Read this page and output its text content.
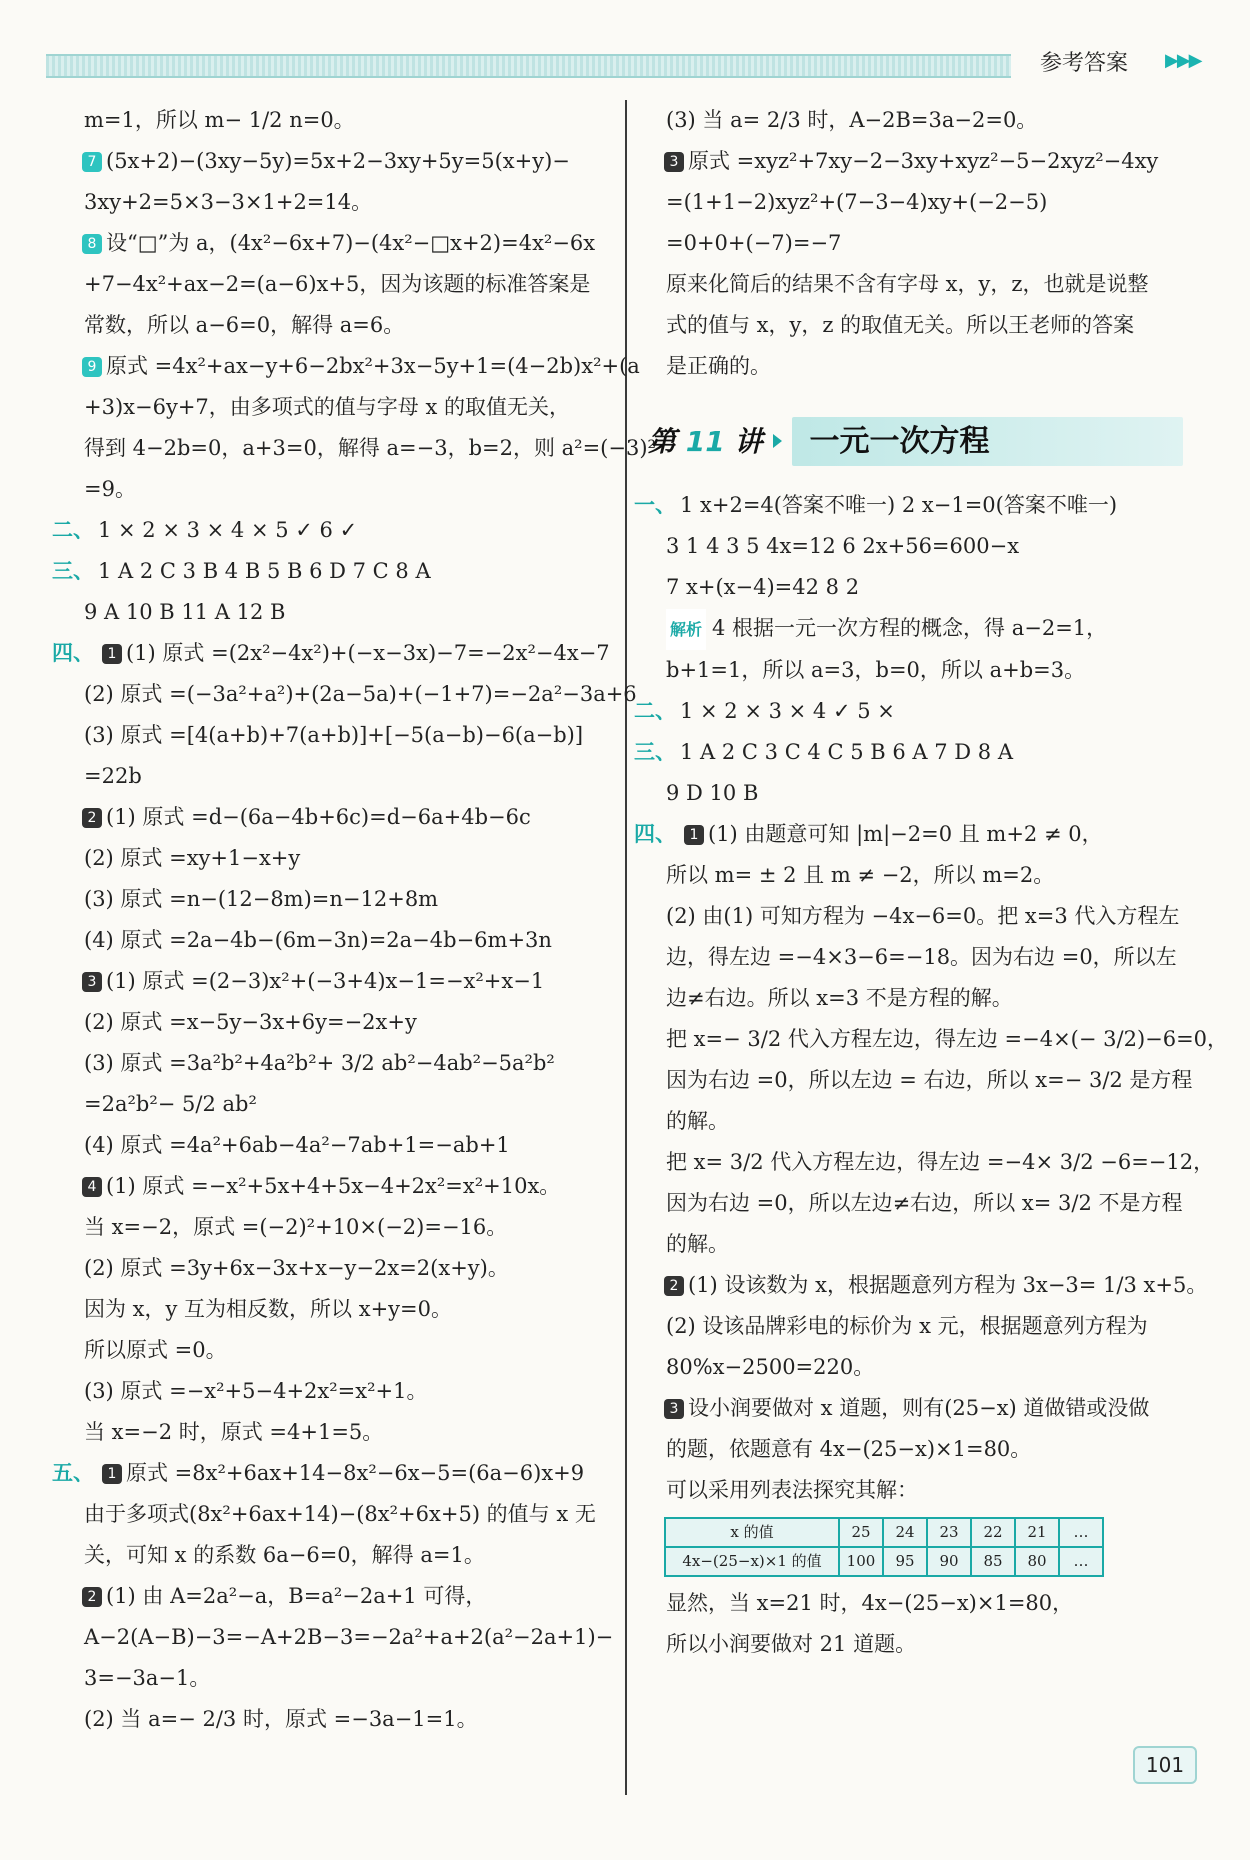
参考答案 ▶▶▶
m=1，所以 m− 1/2 n=0。
7 (5x+2)−(3xy−5y)=5x+2−3xy+5y=5(x+y)−
3xy+2=5×3−3×1+2=14。
8 设“□”为 a，(4x²−6x+7)−(4x²−□x+2)=4x²−6x
+7−4x²+ax−2=(a−6)x+5，因为该题的标准答案是
常数，所以 a−6=0，解得 a=6。
9 原式 =4x²+ax−y+6−2bx²+3x−5y+1=(4−2b)x²+(a
+3)x−6y+7，由多项式的值与字母 x 的取值无关，
得到 4−2b=0，a+3=0，解得 a=−3，b=2，则 a²=(−3)²
=9。
二、 1 × 2 × 3 × 4 × 5 ✓ 6 ✓
三、 1 A 2 C 3 B 4 B 5 B 6 D 7 C 8 A
9 A 10 B 11 A 12 B
四、 1 (1) 原式 =(2x²−4x²)+(−x−3x)−7=−2x²−4x−7
(2) 原式 =(−3a²+a²)+(2a−5a)+(−1+7)=−2a²−3a+6
(3) 原式 =[4(a+b)+7(a+b)]+[−5(a−b)−6(a−b)]
=22b
2 (1) 原式 =d−(6a−4b+6c)=d−6a+4b−6c
(2) 原式 =xy+1−x+y
(3) 原式 =n−(12−8m)=n−12+8m
(4) 原式 =2a−4b−(6m−3n)=2a−4b−6m+3n
3 (1) 原式 =(2−3)x²+(−3+4)x−1=−x²+x−1
(2) 原式 =x−5y−3x+6y=−2x+y
(3) 原式 =3a²b²+4a²b²+ 3/2 ab²−4ab²−5a²b²
=2a²b²− 5/2 ab²
(4) 原式 =4a²+6ab−4a²−7ab+1=−ab+1
4 (1) 原式 =−x²+5x+4+5x−4+2x²=x²+10x。
当 x=−2，原式 =(−2)²+10×(−2)=−16。
(2) 原式 =3y+6x−3x+x−y−2x=2(x+y)。
因为 x，y 互为相反数，所以 x+y=0。
所以原式 =0。
(3) 原式 =−x²+5−4+2x²=x²+1。
当 x=−2 时，原式 =4+1=5。
五、 1 原式 =8x²+6ax+14−8x²−6x−5=(6a−6)x+9
由于多项式(8x²+6ax+14)−(8x²+6x+5) 的值与 x 无
关，可知 x 的系数 6a−6=0，解得 a=1。
2 (1) 由 A=2a²−a，B=a²−2a+1 可得，
A−2(A−B)−3=−A+2B−3=−2a²+a+2(a²−2a+1)−
3=−3a−1。
(2) 当 a=− 2/3 时，原式 =−3a−1=1。
(3) 当 a= 2/3 时，A−2B=3a−2=0。
3 原式 =xyz²+7xy−2−3xy+xyz²−5−2xyz²−4xy
=(1+1−2)xyz²+(7−3−4)xy+(−2−5)
=0+0+(−7)=−7
原来化简后的结果不含有字母 x，y，z，也就是说整
式的值与 x，y，z 的取值无关。所以王老师的答案
是正确的。
第 11 讲	一元一次方程
一、 1 x+2=4(答案不唯一) 2 x−1=0(答案不唯一)
3 1 4 3 5 4x=12 6 2x+56=600−x
7 x+(x−4)=42 8 2
解析 4 根据一元一次方程的概念，得 a−2=1，
b+1=1，所以 a=3，b=0，所以 a+b=3。
二、 1 × 2 × 3 × 4 ✓ 5 ×
三、 1 A 2 C 3 C 4 C 5 B 6 A 7 D 8 A
9 D 10 B
四、 1 (1) 由题意可知 |m|−2=0 且 m+2 ≠ 0，
所以 m= ± 2 且 m ≠ −2，所以 m=2。
(2) 由(1) 可知方程为 −4x−6=0。把 x=3 代入方程左
边，得左边 =−4×3−6=−18。因为右边 =0，所以左
边≠右边。所以 x=3 不是方程的解。
把 x=− 3/2 代入方程左边，得左边 =−4×(− 3/2)−6=0，
因为右边 =0，所以左边 = 右边，所以 x=− 3/2 是方程
的解。
把 x= 3/2 代入方程左边，得左边 =−4× 3/2 −6=−12，
因为右边 =0，所以左边≠右边，所以 x= 3/2 不是方程
的解。
2 (1) 设该数为 x，根据题意列方程为 3x−3= 1/3 x+5。
(2) 设该品牌彩电的标价为 x 元，根据题意列方程为
80%x−2500=220。
3 设小润要做对 x 道题，则有(25−x) 道做错或没做
的题，依题意有 4x−(25−x)×1=80。
可以采用列表法探究其解：
x 的值	25	24	23	22	21	…
4x−(25−x)×1 的值	100	95	90	85	80	…
显然，当 x=21 时，4x−(25−x)×1=80，
所以小润要做对 21 道题。
101
